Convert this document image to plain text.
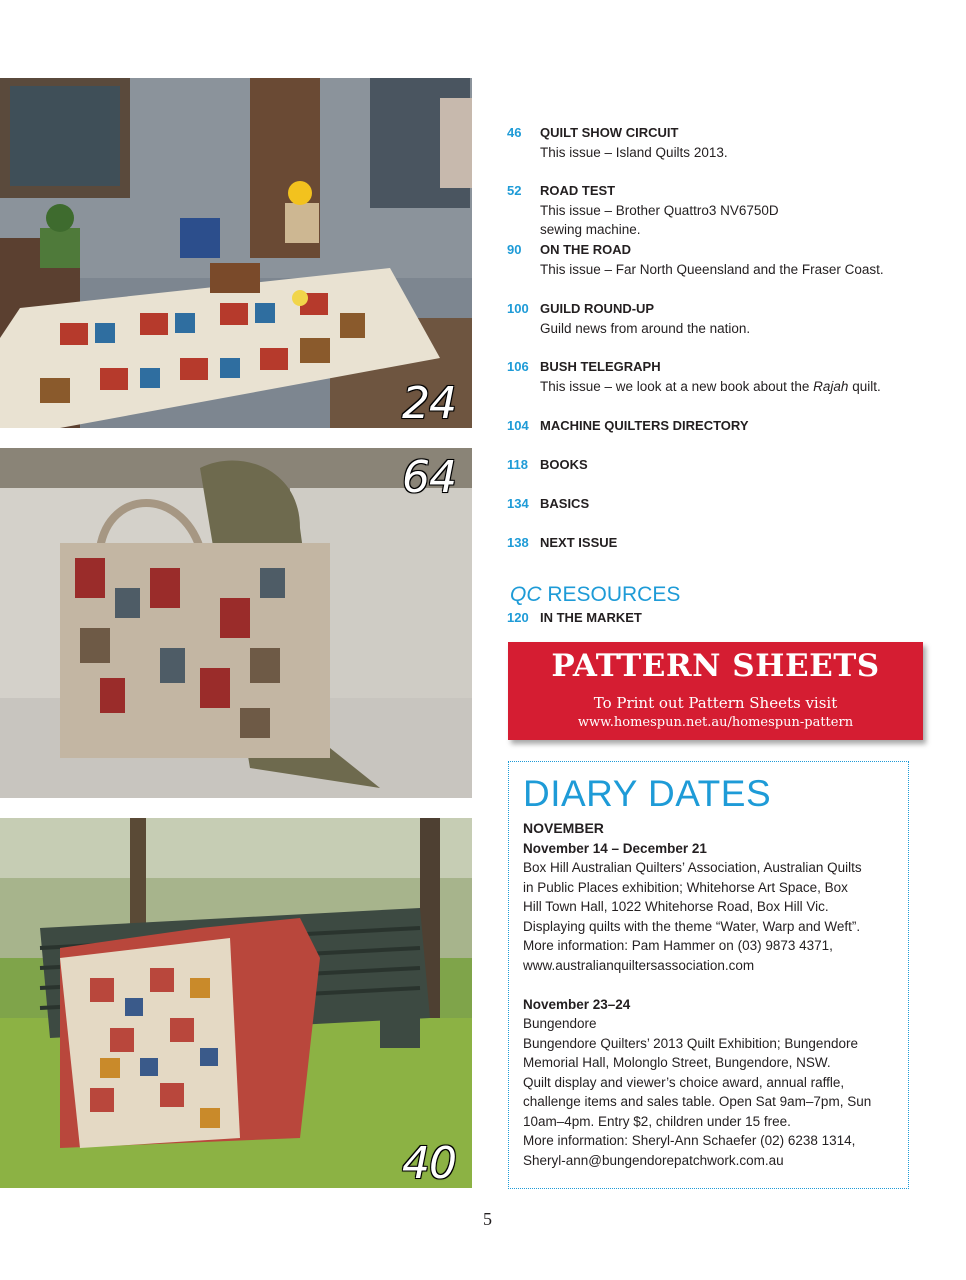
24
64
40
46	QUILT SHOW CIRCUIT
This issue – Island Quilts 2013.
52	ROAD TEST
This issue – Brother Quattro3 NV6750D
sewing machine.
90	ON THE ROAD
This issue – Far North Queensland and the Fraser Coast.
100 GUILD ROUND-UP
Guild news from around the nation.
106 BUSH TELEGRAPH
This issue – we look at a new book about the Rajah quilt.
104 MACHINE QUILTERS DIRECTORY
118 BOOKS
134 BASICS
138 NEXT ISSUE
QC RESOURCES
120 IN THE MARKET
PATTERN SHEETS
To Print out Pattern Sheets visit
www.homespun.net.au/homespun-pattern
DIARY DATES
NOVEMBER
November 14 – December 21
Box Hill Australian Quilters’ Association, Australian Quilts
in Public Places exhibition; Whitehorse Art Space, Box
Hill Town Hall, 1022 Whitehorse Road, Box Hill Vic.
Displaying quilts with the theme “Water, Warp and Weft”.
More information: Pam Hammer on (03) 9873 4371,
www.australianquiltersassociation.com
November 23–24
Bungendore
Bungendore Quilters’ 2013 Quilt Exhibition; Bungendore
Memorial Hall, Molonglo Street, Bungendore, NSW.
Quilt display and viewer’s choice award, annual raffle,
challenge items and sales table. Open Sat 9am–7pm, Sun
10am–4pm. Entry $2, children under 15 free.
More information: Sheryl-Ann Schaefer (02) 6238 1314,
Sheryl-ann@bungendorepatchwork.com.au
5
